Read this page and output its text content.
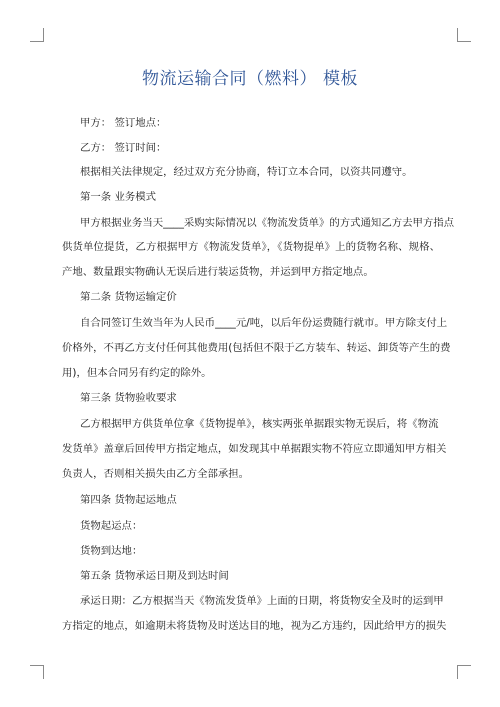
物流运输合同（燃料） 模板
甲方： 签订地点：
乙方： 签订时间：
根据相关法律规定，经过双方充分协商，特订立本合同，以资共同遵守。
第一条 业务模式
甲方根据业务当天____采购实际情况以《物流发货单》的方式通知乙方去甲方指点
供货单位提货，乙方根据甲方《物流发货单》，《货物提单》上的货物名称、规格、
产地、数量跟实物确认无误后进行装运货物，并运到甲方指定地点。
第二条 货物运输定价
自合同签订生效当年为人民币____元/吨，以后年份运费随行就市。甲方除支付上
价格外，不再乙方支付任何其他费用(包括但不限于乙方装车、转运、卸货等产生的费
用)，但本合同另有约定的除外。
第三条 货物验收要求
乙方根据甲方供货单位拿《货物提单》，核实两张单据跟实物无误后，将《物流
发货单》盖章后回传甲方指定地点，如发现其中单据跟实物不符应立即通知甲方相关
负责人，否则相关损失由乙方全部承担。
第四条 货物起运地点
货物起运点：
货物到达地：
第五条 货物承运日期及到达时间
承运日期：乙方根据当天《物流发货单》上面的日期，将货物安全及时的运到甲
方指定的地点，如逾期未将货物及时送达目的地，视为乙方违约，因此给甲方的损失
